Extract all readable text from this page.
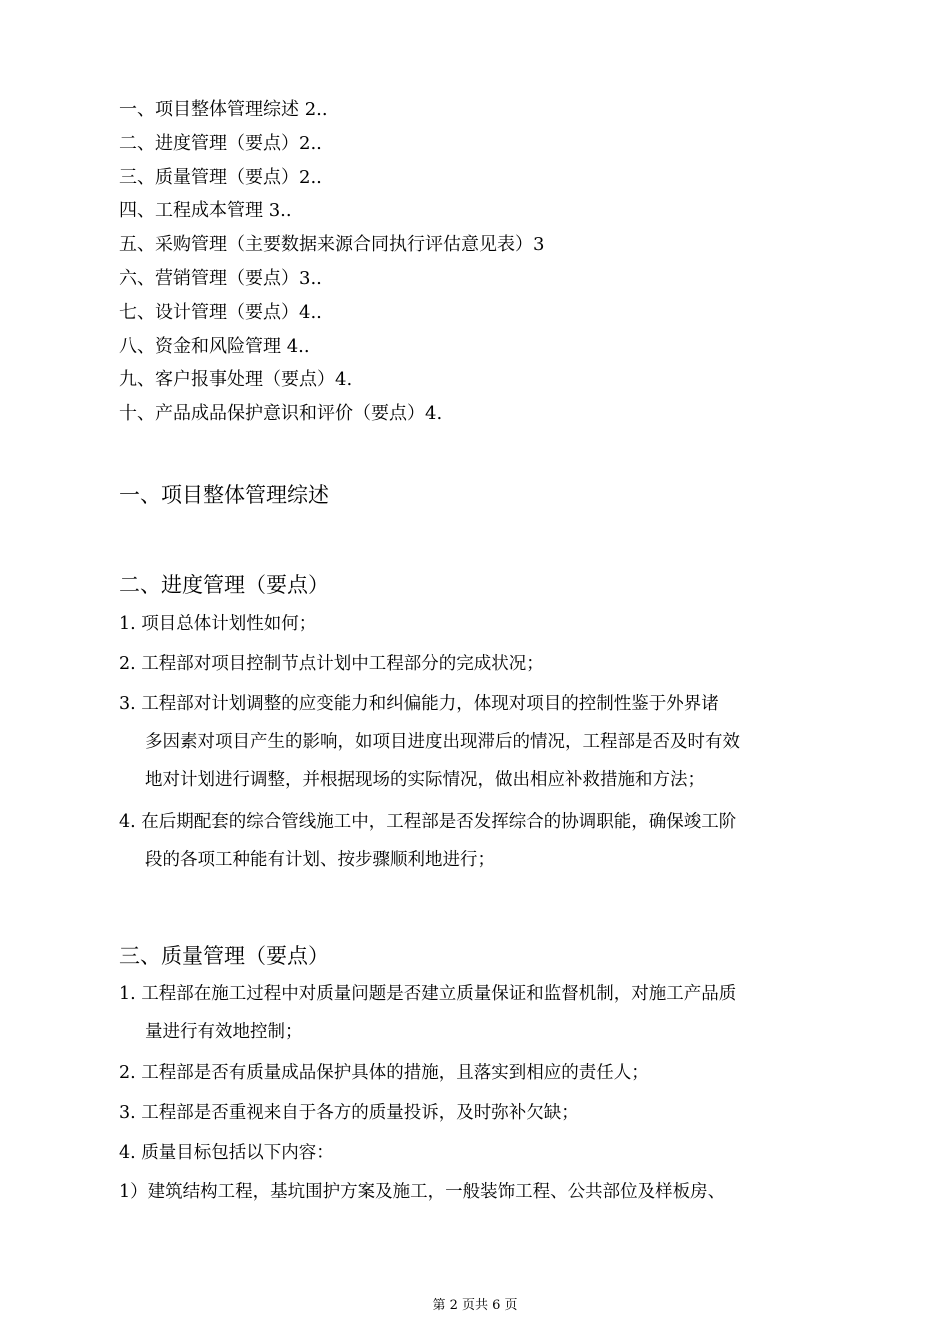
一、项目整体管理综述 2..
二、进度管理（要点）2..
三、质量管理（要点）2..
四、工程成本管理 3..
五、采购管理（主要数据来源合同执行评估意见表）3
六、营销管理（要点）3..
七、设计管理（要点）4..
八、资金和风险管理 4..
九、客户报事处理（要点）4.
十、产品成品保护意识和评价（要点）4.
一、项目整体管理综述
二、进度管理（要点）
1. 项目总体计划性如何；
2. 工程部对项目控制节点计划中工程部分的完成状况；
3. 工程部对计划调整的应变能力和纠偏能力，体现对项目的控制性鉴于外界诸
多因素对项目产生的影响，如项目进度出现滞后的情况，工程部是否及时有效
地对计划进行调整，并根据现场的实际情况，做出相应补救措施和方法；
4. 在后期配套的综合管线施工中，工程部是否发挥综合的协调职能，确保竣工阶
段的各项工种能有计划、按步骤顺利地进行；
三、质量管理（要点）
1. 工程部在施工过程中对质量问题是否建立质量保证和监督机制，对施工产品质
量进行有效地控制；
2. 工程部是否有质量成品保护具体的措施，且落实到相应的责任人；
3. 工程部是否重视来自于各方的质量投诉，及时弥补欠缺；
4. 质量目标包括以下内容：
1）建筑结构工程，基坑围护方案及施工，一般装饰工程、公共部位及样板房、
第 2 页共 6 页
